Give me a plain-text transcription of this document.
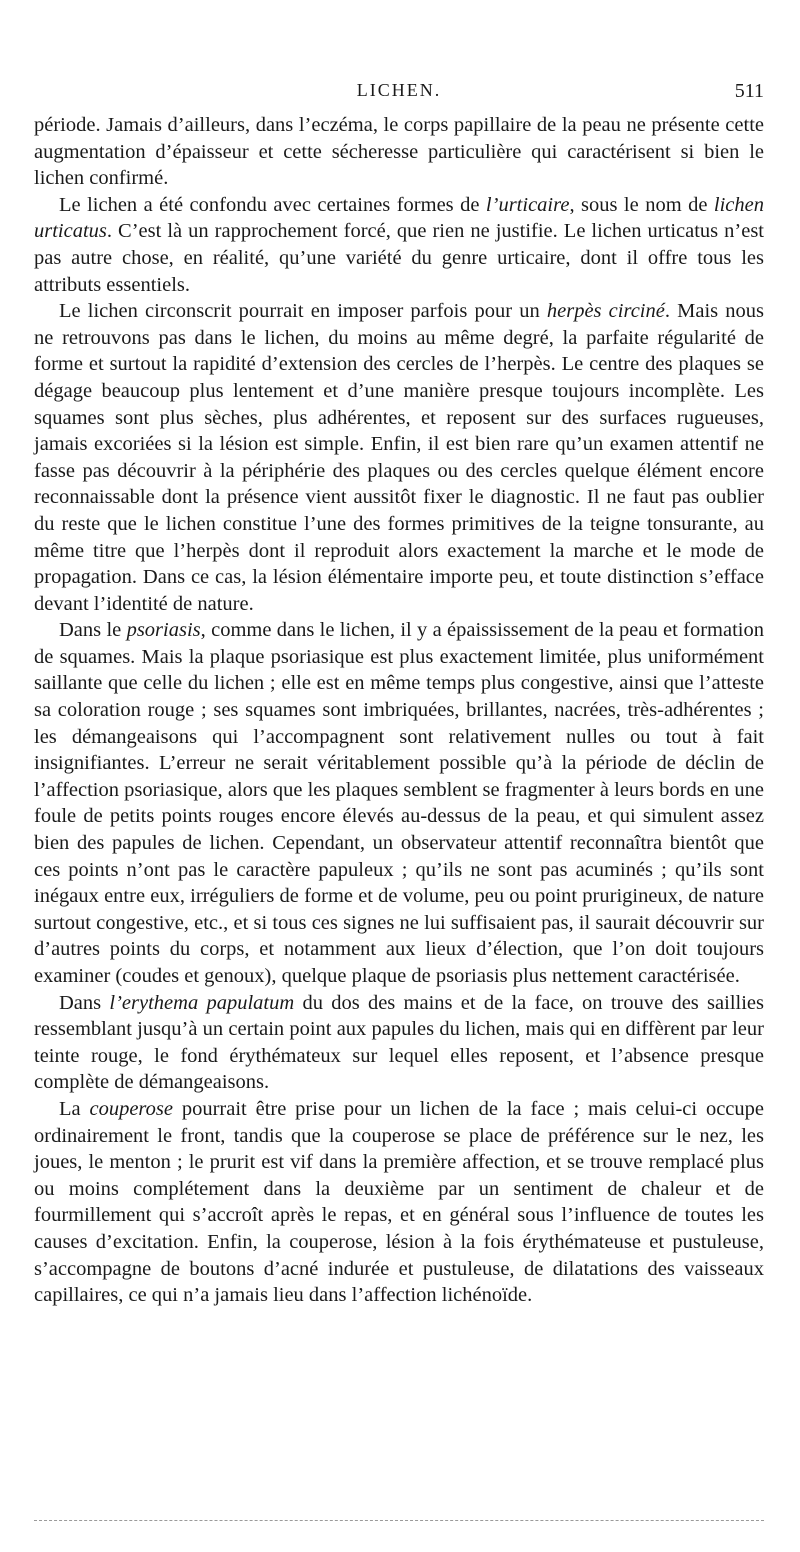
LICHEN.	511

période. Jamais d’ailleurs, dans l’eczéma, le corps papillaire de la peau ne présente cette augmentation d’épaisseur et cette sécheresse particulière qui caractérisent si bien le lichen confirmé.

Le lichen a été confondu avec certaines formes de l’urticaire, sous le nom de lichen urticatus. C’est là un rapprochement forcé, que rien ne justifie. Le lichen urticatus n’est pas autre chose, en réalité, qu’une variété du genre urticaire, dont il offre tous les attributs essentiels.

Le lichen circonscrit pourrait en imposer parfois pour un herpès circiné. Mais nous ne retrouvons pas dans le lichen, du moins au même degré, la parfaite régularité de forme et surtout la rapidité d’extension des cercles de l’herpès. Le centre des plaques se dégage beaucoup plus lentement et d’une manière presque toujours incomplète. Les squames sont plus sèches, plus adhérentes, et reposent sur des surfaces rugueuses, jamais excoriées si la lésion est simple. Enfin, il est bien rare qu’un examen attentif ne fasse pas découvrir à la périphérie des plaques ou des cercles quelque élément encore reconnaissable dont la présence vient aussitôt fixer le diagnostic. Il ne faut pas oublier du reste que le lichen constitue l’une des formes primitives de la teigne tonsurante, au même titre que l’herpès dont il reproduit alors exactement la marche et le mode de propagation. Dans ce cas, la lésion élémentaire importe peu, et toute distinction s’efface devant l’identité de nature.

Dans le psoriasis, comme dans le lichen, il y a épaississement de la peau et formation de squames. Mais la plaque psoriasique est plus exactement limitée, plus uniformément saillante que celle du lichen ; elle est en même temps plus congestive, ainsi que l’atteste sa coloration rouge ; ses squames sont imbriquées, brillantes, nacrées, très-adhérentes ; les démangeaisons qui l’accompagnent sont relativement nulles ou tout à fait insignifiantes. L’erreur ne serait véritablement possible qu’à la période de déclin de l’affection psoriasique, alors que les plaques semblent se fragmenter à leurs bords en une foule de petits points rouges encore élevés au-dessus de la peau, et qui simulent assez bien des papules de lichen. Cependant, un observateur attentif reconnaîtra bientôt que ces points n’ont pas le caractère papuleux ; qu’ils ne sont pas acuminés ; qu’ils sont inégaux entre eux, irréguliers de forme et de volume, peu ou point prurigineux, de nature surtout congestive, etc., et si tous ces signes ne lui suffisaient pas, il saurait découvrir sur d’autres points du corps, et notamment aux lieux d’élection, que l’on doit toujours examiner (coudes et genoux), quelque plaque de psoriasis plus nettement caractérisée.

Dans l’erythema papulatum du dos des mains et de la face, on trouve des saillies ressemblant jusqu’à un certain point aux papules du lichen, mais qui en diffèrent par leur teinte rouge, le fond érythémateux sur lequel elles reposent, et l’absence presque complète de démangeaisons.

La couperose pourrait être prise pour un lichen de la face ; mais celui-ci occupe ordinairement le front, tandis que la couperose se place de préférence sur le nez, les joues, le menton ; le prurit est vif dans la première affection, et se trouve remplacé plus ou moins complétement dans la deuxième par un sentiment de chaleur et de fourmillement qui s’accroît après le repas, et en général sous l’influence de toutes les causes d’excitation. Enfin, la couperose, lésion à la fois érythémateuse et pustuleuse, s’accompagne de boutons d’acné indurée et pustuleuse, de dilatations des vaisseaux capillaires, ce qui n’a jamais lieu dans l’affection lichénoïde.
